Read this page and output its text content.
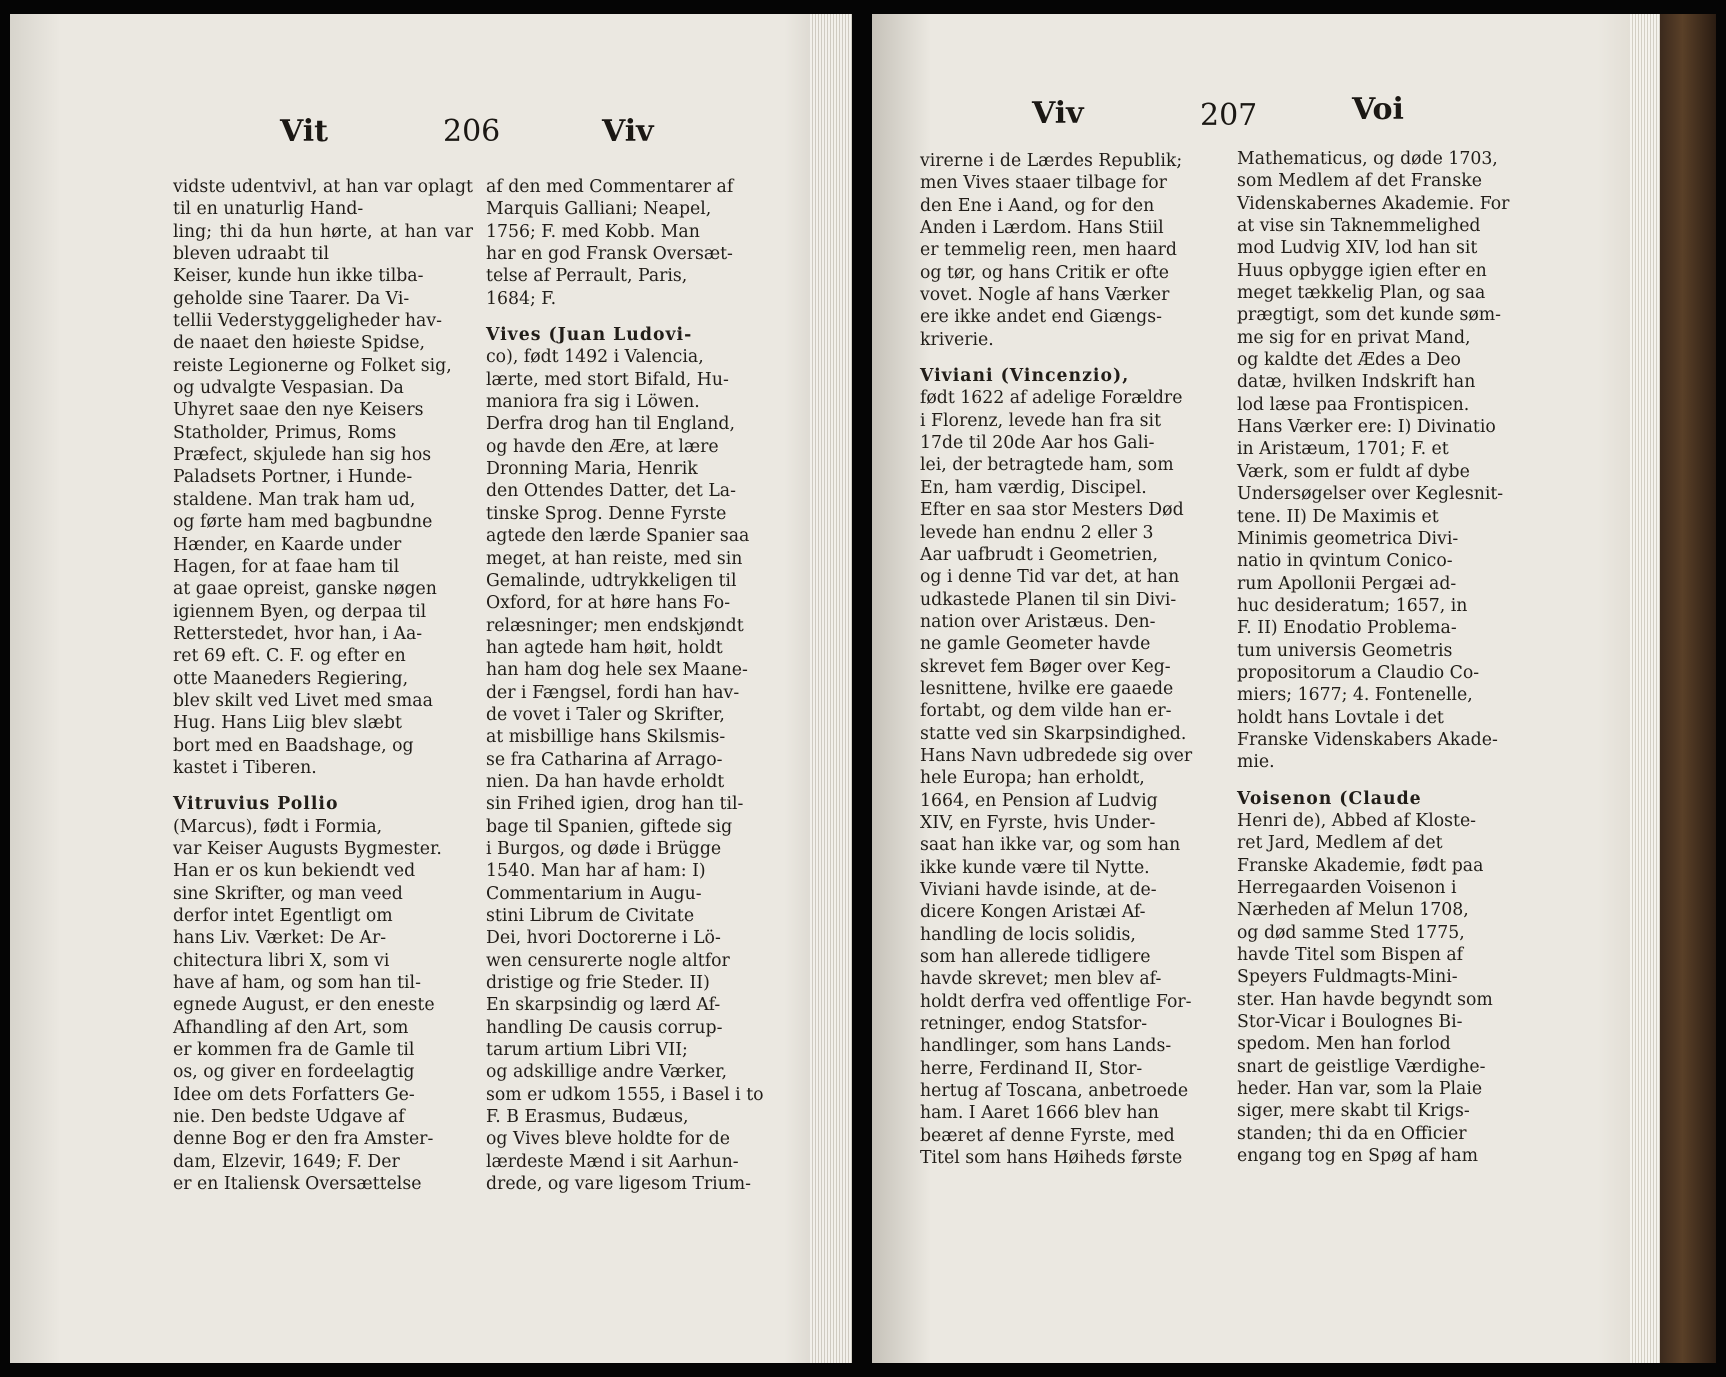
Vit	206	Viv

vidste udentvivl, at han var oplagt til en unaturlig Hand-

ling; thi da hun hørte, at han var bleven udraabt til

Keiser, kunde hun ikke tilba-

geholde sine Taarer. Da Vi-

tellii Vederstyggeligheder hav-

de naaet den høieste Spidse,

reiste Legionerne og Folket sig,

og udvalgte Vespasian. Da

Uhyret saae den nye Keisers

Statholder, Primus, Roms

Præfect, skjulede han sig hos

Paladsets Portner, i Hunde-

staldene. Man trak ham ud,

og førte ham med bagbundne

Hænder, en Kaarde under

Hagen, for at faae ham til

at gaae opreist, ganske nøgen

igiennem Byen, og derpaa til

Retterstedet, hvor han, i Aa-

ret 69 eft. C. F. og efter en

otte Maaneders Regiering,

blev skilt ved Livet med smaa

Hug. Hans Liig blev slæbt

bort med en Baadshage, og

kastet i Tiberen.

Vitruvius Pollio

(Marcus), født i Formia,

var Keiser Augusts Bygmester.

Han er os kun bekiendt ved

sine Skrifter, og man veed

derfor intet Egentligt om

hans Liv. Værket: De Ar-

chitectura libri X, som vi

have af ham, og som han til-

egnede August, er den eneste

Afhandling af den Art, som

er kommen fra de Gamle til

os, og giver en fordeelagtig

Idee om dets Forfatters Ge-

nie. Den bedste Udgave af

denne Bog er den fra Amster-

dam, Elzevir, 1649; F. Der

er en Italiensk Oversættelse

af den med Commentarer af

Marquis Galliani; Neapel,

1756; F. med Kobb. Man

har en god Fransk Oversæt-

telse af Perrault, Paris,

1684; F.

Vives (Juan Ludovi-

co), født 1492 i Valencia,

lærte, med stort Bifald, Hu-

maniora fra sig i Löwen.

Derfra drog han til England,

og havde den Ære, at lære

Dronning Maria, Henrik

den Ottendes Datter, det La-

tinske Sprog. Denne Fyrste

agtede den lærde Spanier saa

meget, at han reiste, med sin

Gemalinde, udtrykkeligen til

Oxford, for at høre hans Fo-

relæsninger; men endskjøndt

han agtede ham høit, holdt

han ham dog hele sex Maane-

der i Fængsel, fordi han hav-

de vovet i Taler og Skrifter,

at misbillige hans Skilsmis-

se fra Catharina af Arrago-

nien. Da han havde erholdt

sin Frihed igien, drog han til-

bage til Spanien, giftede sig

i Burgos, og døde i Brügge

1540. Man har af ham: I)

Commentarium in Augu-

stini Librum de Civitate

Dei, hvori Doctorerne i Lö-

wen censurerte nogle altfor

dristige og frie Steder. II)

En skarpsindig og lærd Af-

handling De causis corrup-

tarum artium Libri VII;

og adskillige andre Værker,

som er udkom 1555, i Basel i to

F. B Erasmus, Budæus,

og Vives bleve holdte for de

lærdeste Mænd i sit Aarhun-

drede, og vare ligesom Trium-

Viv	207	Voi

virerne i de Lærdes Republik;

men Vives staaer tilbage for

den Ene i Aand, og for den

Anden i Lærdom. Hans Stiil

er temmelig reen, men haard

og tør, og hans Critik er ofte

vovet. Nogle af hans Værker

ere ikke andet end Giængs-

kriverie.

Viviani (Vincenzio),

født 1622 af adelige Forældre

i Florenz, levede han fra sit

17de til 20de Aar hos Gali-

lei, der betragtede ham, som

En, ham værdig, Discipel.

Efter en saa stor Mesters Død

levede han endnu 2 eller 3

Aar uafbrudt i Geometrien,

og i denne Tid var det, at han

udkastede Planen til sin Divi-

nation over Aristæus. Den-

ne gamle Geometer havde

skrevet fem Bøger over Keg-

lesnittene, hvilke ere gaaede

fortabt, og dem vilde han er-

statte ved sin Skarpsindighed.

Hans Navn udbredede sig over

hele Europa; han erholdt,

1664, en Pension af Ludvig

XIV, en Fyrste, hvis Under-

saat han ikke var, og som han

ikke kunde være til Nytte.

Viviani havde isinde, at de-

dicere Kongen Aristæi Af-

handling de locis solidis,

som han allerede tidligere

havde skrevet; men blev af-

holdt derfra ved offentlige For-

retninger, endog Statsfor-

handlinger, som hans Lands-

herre, Ferdinand II, Stor-

hertug af Toscana, anbetroede

ham. I Aaret 1666 blev han

beæret af denne Fyrste, med

Titel som hans Høiheds første

Mathematicus, og døde 1703,

som Medlem af det Franske

Videnskabernes Akademie. For

at vise sin Taknemmelighed

mod Ludvig XIV, lod han sit

Huus opbygge igien efter en

meget tækkelig Plan, og saa

prægtigt, som det kunde søm-

me sig for en privat Mand,

og kaldte det Ædes a Deo

datæ, hvilken Indskrift han

lod læse paa Frontispicen.

Hans Værker ere: I) Divinatio

in Aristæum, 1701; F. et

Værk, som er fuldt af dybe

Undersøgelser over Keglesnit-

tene. II) De Maximis et

Minimis geometrica Divi-

natio in qvintum Conico-

rum Apollonii Pergæi ad-

huc desideratum; 1657, in

F. II) Enodatio Problema-

tum universis Geometris

propositorum a Claudio Co-

miers; 1677; 4. Fontenelle,

holdt hans Lovtale i det

Franske Videnskabers Akade-

mie.

Voisenon (Claude

Henri de), Abbed af Kloste-

ret Jard, Medlem af det

Franske Akademie, født paa

Herregaarden Voisenon i

Nærheden af Melun 1708,

og død samme Sted 1775,

havde Titel som Bispen af

Speyers Fuldmagts-Mini-

ster. Han havde begyndt som

Stor-Vicar i Boulognes Bi-

spedom. Men han forlod

snart de geistlige Værdighe-

heder. Han var, som la Plaie

siger, mere skabt til Krigs-

standen; thi da en Officier

engang tog en Spøg af ham
